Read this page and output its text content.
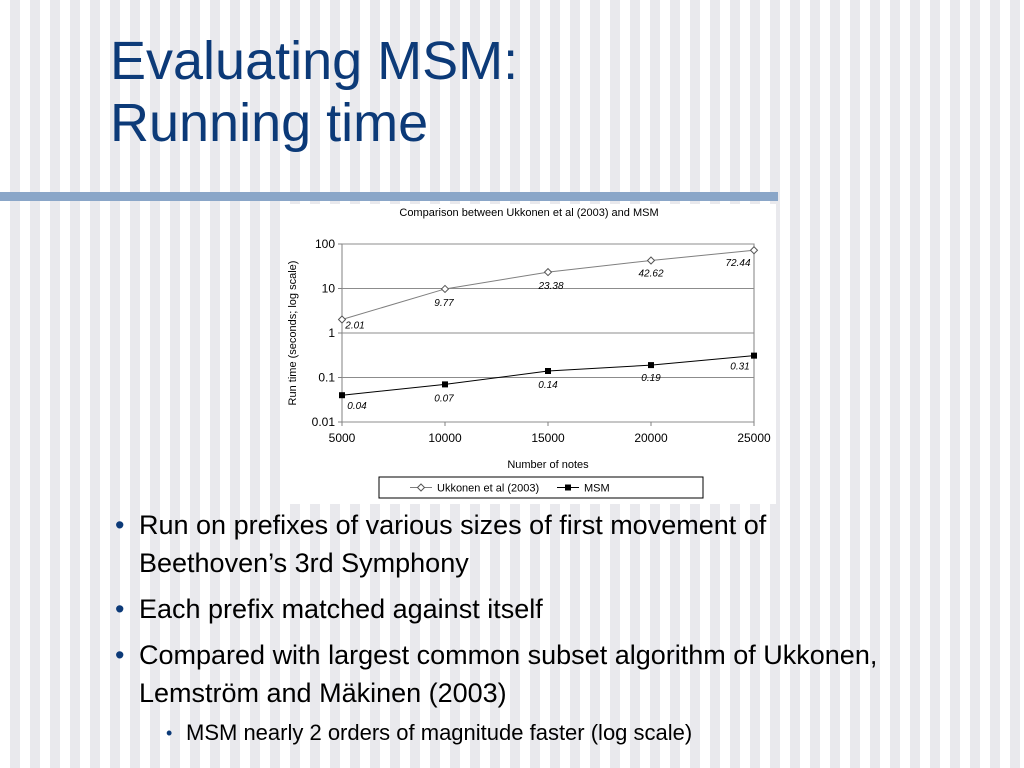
Evaluating MSM:
Running time
Comparison between Ukkonen et al (2003) and MSM
0.01
0.1
1
10
100
5000	10000	15000	20000	25000
2.01
9.77
23.38
42.62
72.44
0.04
0.07
0.14
0.19
0.31
Run time (seconds; log scale)
Number of notes
Ukkonen et al (2003)	MSM
• Run on prefixes of various sizes of first movement of Beethoven’s 3rd Symphony
• Each prefix matched against itself
• Compared with largest common subset algorithm of Ukkonen, Lemström and Mäkinen (2003)
• MSM nearly 2 orders of magnitude faster (log scale)
